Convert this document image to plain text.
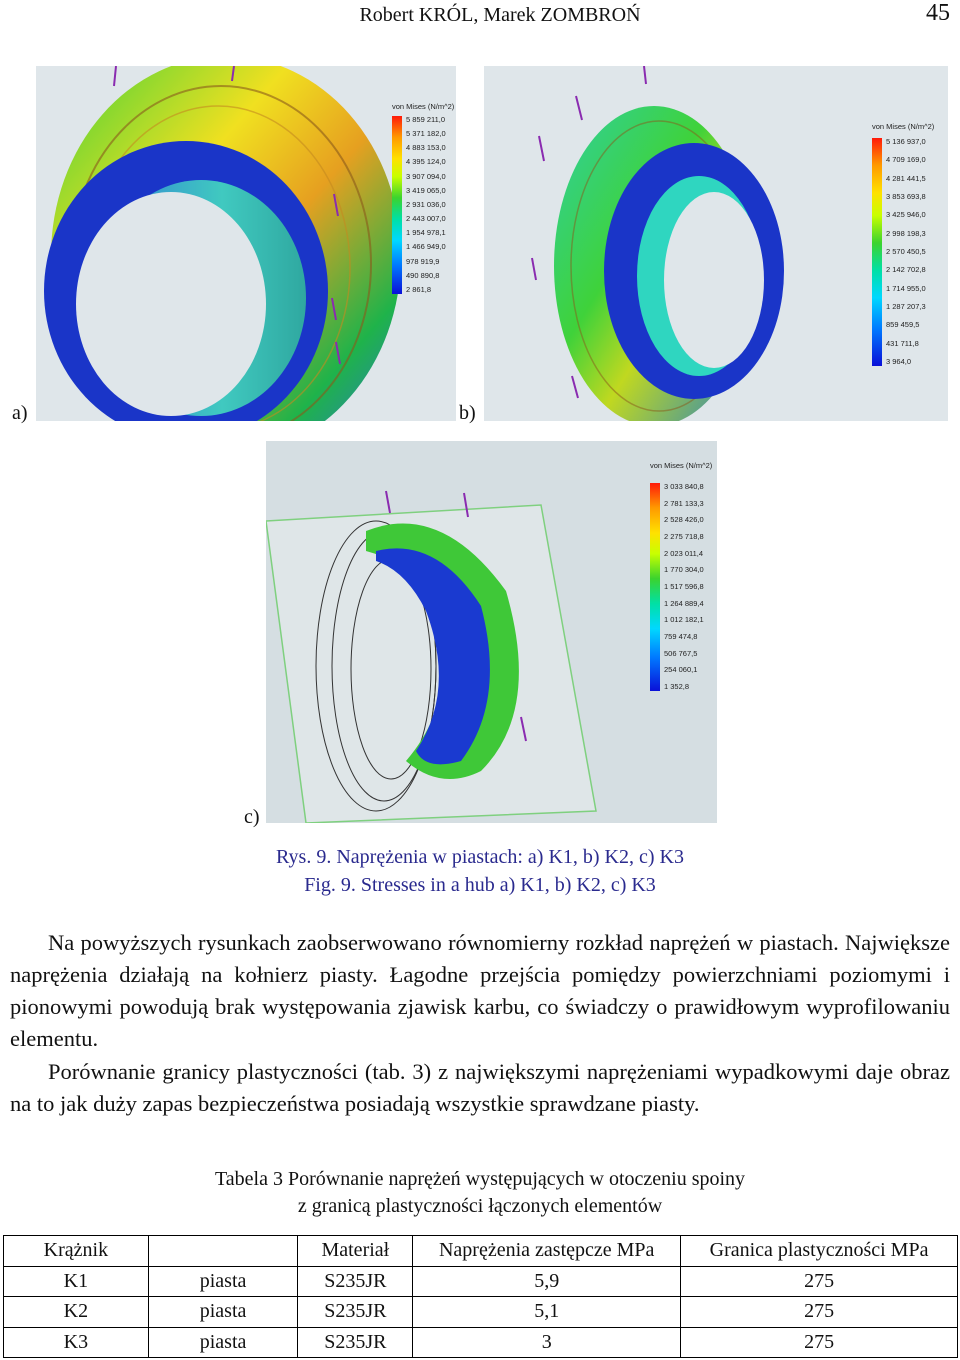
Robert KRÓL, Marek ZOMBROŃ	45
von Mises (N/m^2)
5 859 211,0
5 371 182,0
4 883 153,0
4 395 124,0
3 907 094,0
3 419 065,0
2 931 036,0
2 443 007,0
1 954 978,1
1 466 949,0
978 919,9
490 890,8
2 861,8
a)
von Mises (N/m^2)
5 136 937,0
4 709 169,0
4 281 441,5
3 853 693,8
3 425 946,0
2 998 198,3
2 570 450,5
2 142 702,8
1 714 955,0
1 287 207,3
859 459,5
431 711,8
3 964,0
b)
von Mises (N/m^2)
3 033 840,8
2 781 133,3
2 528 426,0
2 275 718,8
2 023 011,4
1 770 304,0
1 517 596,8
1 264 889,4
1 012 182,1
759 474,8
506 767,5
254 060,1
1 352,8
c)
Rys. 9. Naprężenia w piastach: a) K1, b) K2, c) K3
Fig. 9. Stresses in a hub a) K1, b) K2, c) K3

Na powyższych rysunkach zaobserwowano równomierny rozkład naprężeń w piastach. Największe naprężenia działają na kołnierz piasty. Łagodne przejścia pomiędzy powierzchniami poziomymi i pionowymi powodują brak występowania zjawisk karbu, co świadczy o prawidłowym wyprofilowaniu elementu.

Porównanie granicy plastyczności (tab. 3) z największymi naprężeniami wypadkowymi daje obraz na to jak duży zapas bezpieczeństwa posiadają wszystkie sprawdzane piasty.

Tabela 3 Porównanie naprężeń występujących w otoczeniu spoiny
z granicą plastyczności łączonych elementów
Krążnik		Materiał	Naprężenia zastępcze MPa	Granica plastyczności MPa
K1	piasta	S235JR	5,9	275
K2	piasta	S235JR	5,1	275
K3	piasta	S235JR	3	275
